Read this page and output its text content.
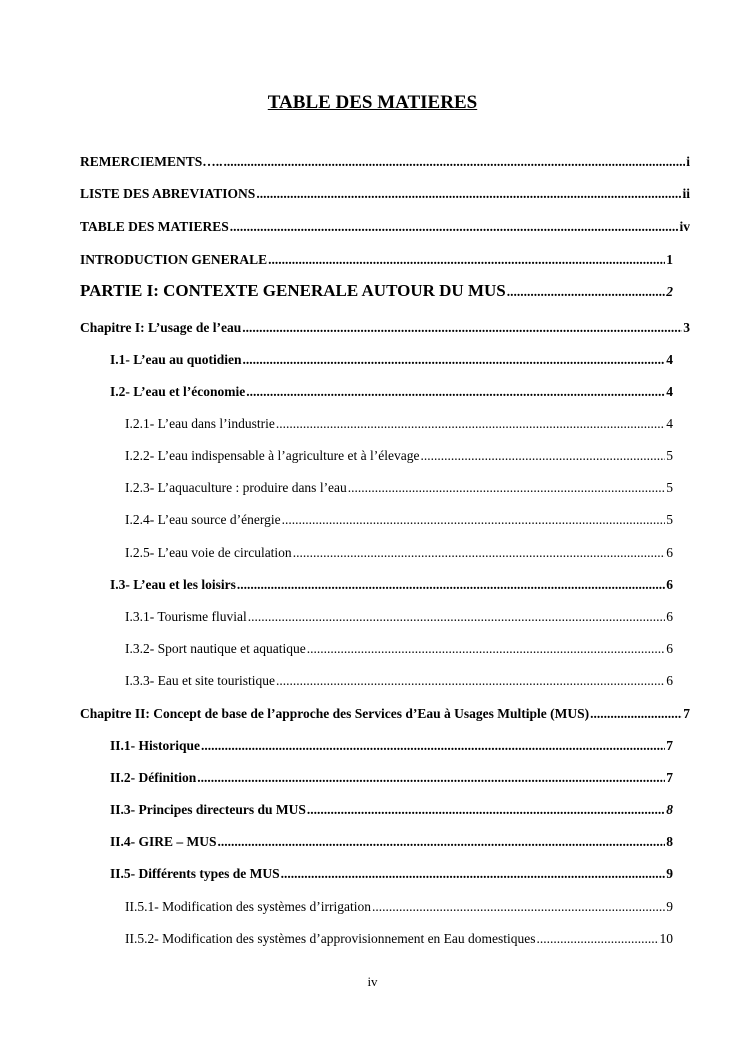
TABLE DES MATIERES
REMERCIEMENTS….. .....	i
LISTE DES ABREVIATIONS .....	ii
TABLE DES MATIERES .....	iv
INTRODUCTION GENERALE .....	1
PARTIE I: CONTEXTE GENERALE AUTOUR DU MUS .....	2
Chapitre I: L’usage de l’eau .....	3
I.1- L’eau au quotidien .....	4
I.2- L’eau et l’économie .....	4
I.2.1- L’eau dans l’industrie .....	4
I.2.2- L’eau indispensable à l’agriculture et à l’élevage .....	5
I.2.3- L’aquaculture : produire dans l’eau .....	5
I.2.4- L’eau source d’énergie .....	5
I.2.5- L’eau voie de circulation .....	6
I.3- L’eau et les loisirs .....	6
I.3.1- Tourisme fluvial .....	6
I.3.2- Sport nautique et aquatique .....	6
I.3.3- Eau et site touristique .....	6
Chapitre II: Concept de base de l’approche des Services d’Eau à Usages Multiple (MUS) .....	7
II.1- Historique .....	7
II.2- Définition .....	7
II.3- Principes directeurs du MUS .....	8
II.4- GIRE – MUS .....	8
II.5- Différents types de MUS .....	9
II.5.1- Modification des systèmes d’irrigation .....	9
II.5.2- Modification des systèmes d’approvisionnement en Eau domestiques .....	10
iv
